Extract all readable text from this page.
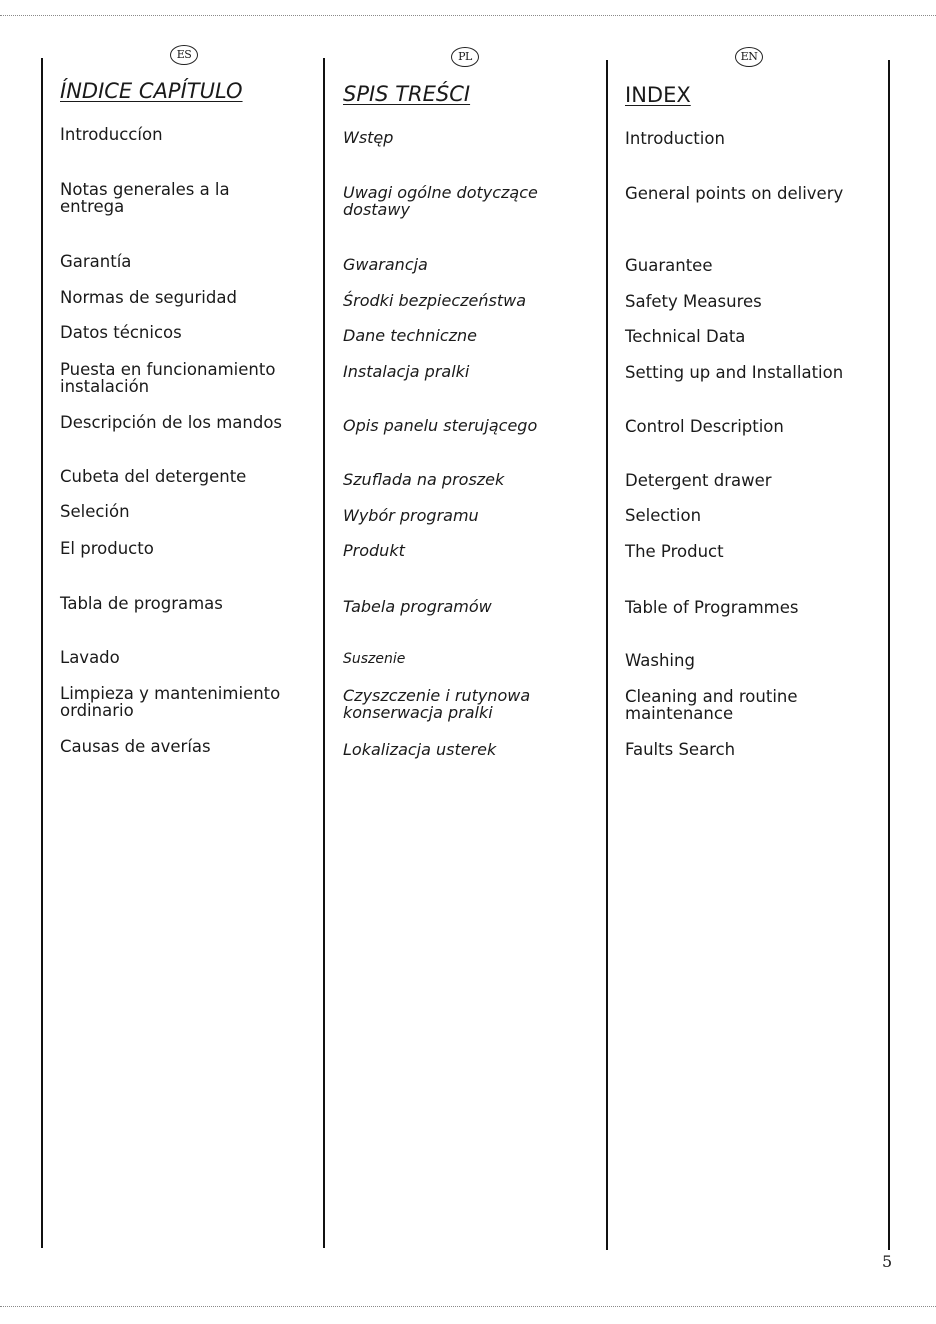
ES
ÍNDICE CAPÍTULO
Introduccíon
Notas generales a la
entrega
Garantía
Normas de seguridad
Datos técnicos
Puesta en funcionamiento
instalación
Descripción de los mandos
Cubeta del detergente
Seleción
El producto
Tabla de programas
Lavado
Limpieza y mantenimiento
ordinario
Causas de averías
PL
SPIS TREŚCI
Wstęp
Uwagi ogólne dotyczące
dostawy
Gwarancja
Środki bezpieczeństwa
Dane techniczne
Instalacja pralki
Opis panelu sterującego
Szuflada na proszek
Wybór programu
Produkt
Tabela programów
Suszenie
Czyszczenie i rutynowa
konserwacja pralki
Lokalizacja usterek
EN
INDEX
Introduction
General points on delivery
Guarantee
Safety Measures
Technical Data
Setting up and Installation
Control Description
Detergent drawer
Selection
The Product
Table of Programmes
Washing
Cleaning and routine
maintenance
Faults Search
5
